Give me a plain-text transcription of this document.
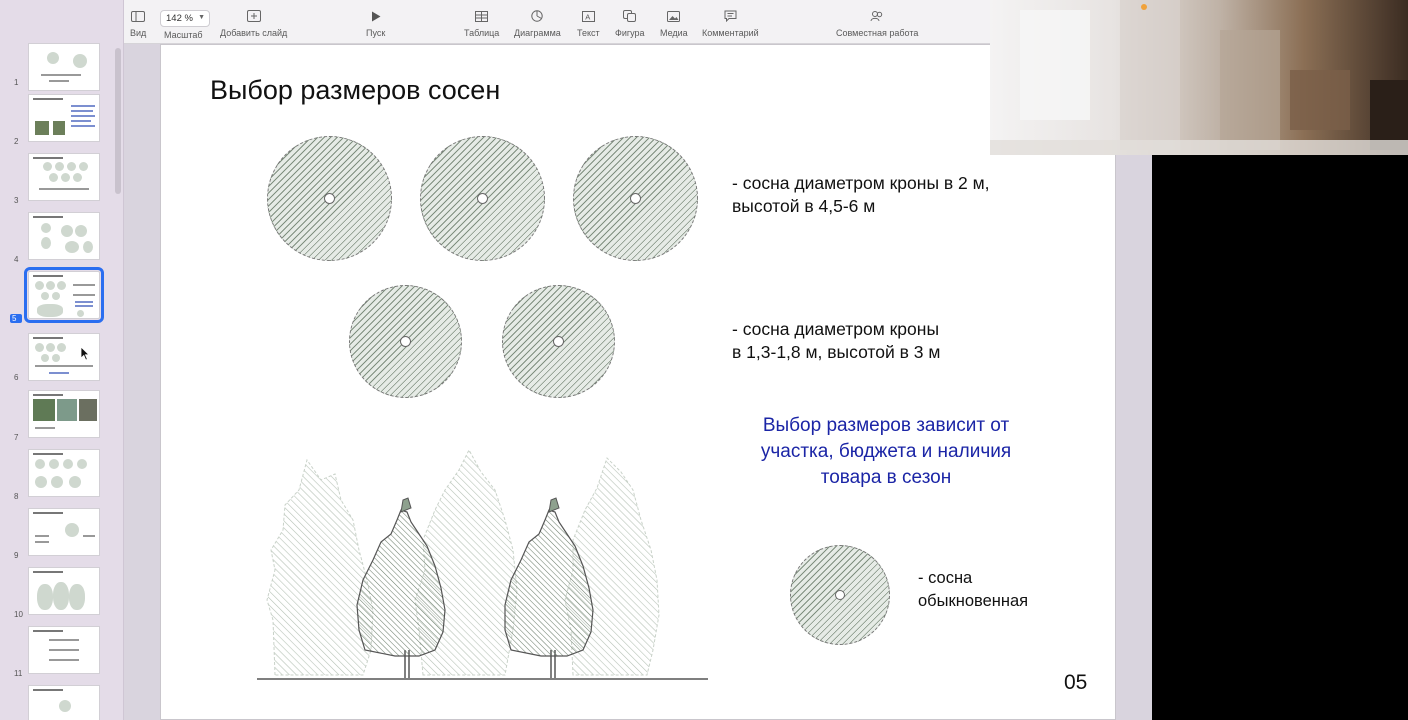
1
2
3
4
5
6
7
8
9
10
11
Вид
142 % ▼
Масштаб Добавить слайд	Пуск	Таблица Диаграмма
A
Текст Фигура Медиа Комментарий	Совместная работа
Выбор размеров сосен
- сосна диаметром кроны в 2 м,
высотой в 4,5-6 м
- сосна диаметром кроны
в 1,3-1,8 м, высотой в 3 м
Выбор размеров зависит от
участка, бюджета и наличия
товара в сезон
- сосна
обыкновенная
05
